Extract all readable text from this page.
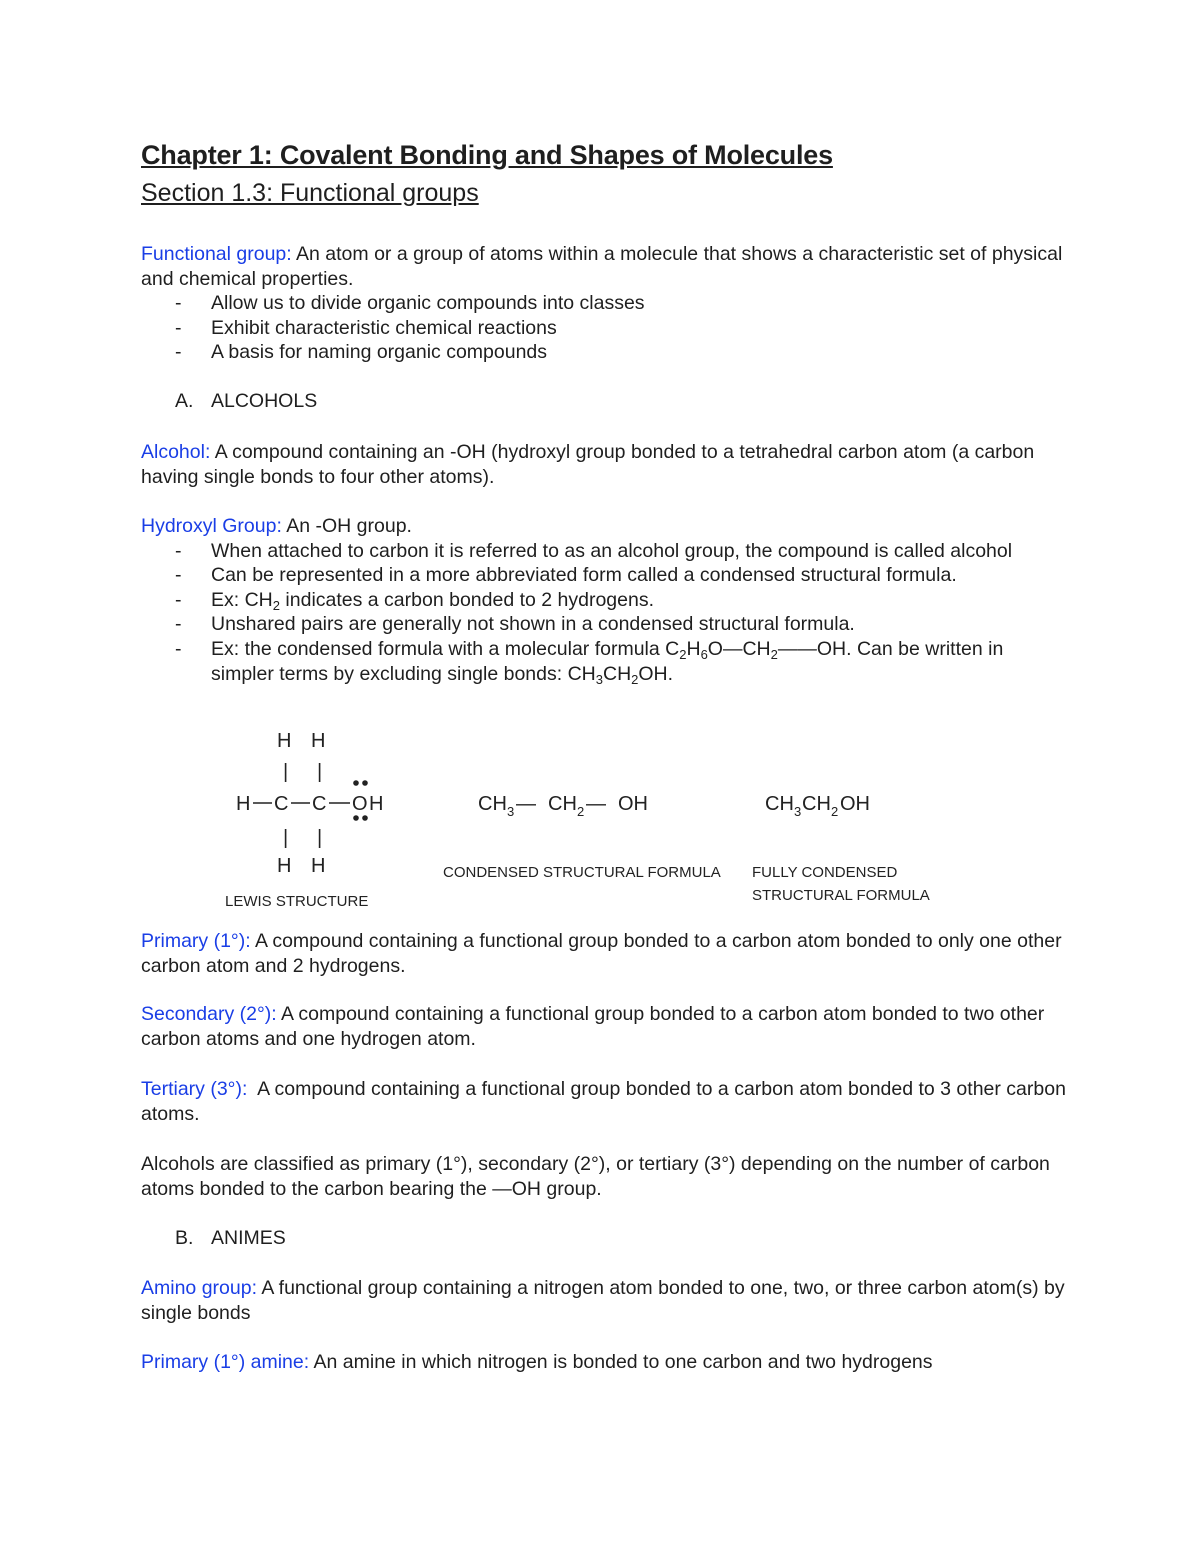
Chapter 1: Covalent Bonding and Shapes of Molecules
Section 1.3: Functional groups
Functional group: An atom or a group of atoms within a molecule that shows a characteristic set of physical and chemical properties.
- Allow us to divide organic compounds into classes
- Exhibit characteristic chemical reactions
- A basis for naming organic compounds
A. ALCOHOLS
Alcohol: A compound containing an -OH (hydroxyl group bonded to a tetrahedral carbon atom (a carbon having single bonds to four other atoms).
Hydroxyl Group: An -OH group.
- When attached to carbon it is referred to as an alcohol group, the compound is called alcohol
- Can be represented in a more abbreviated form called a condensed structural formula.
- Ex: $CH_2$ indicates a carbon bonded to 2 hydrogens.
- Unshared pairs are generally not shown in a condensed structural formula.
- Ex: the condensed formula with a molecular formula $C_2H_6O—CH_2——OH$. Can be written in simpler terms by excluding single bonds: $CH_3CH_2OH$.
H H
| |
H C C O H
| |
H H
LEWIS STRUCTURE
CH 3 — CH 2 — OH
CONDENSED STRUCTURAL FORMULA
CH 3 CH 2 OH
FULLY CONDENSED
STRUCTURAL FORMULA
Primary (1°): A compound containing a functional group bonded to a carbon atom bonded to only one other carbon atom and 2 hydrogens.
Secondary (2°): A compound containing a functional group bonded to a carbon atom bonded to two other carbon atoms and one hydrogen atom.
Tertiary (3°):  A compound containing a functional group bonded to a carbon atom bonded to 3 other carbon atoms.
Alcohols are classified as primary (1°), secondary (2°), or tertiary (3°) depending on the number of carbon atoms bonded to the carbon bearing the —OH group.
B. ANIMES
Amino group: A functional group containing a nitrogen atom bonded to one, two, or three carbon atom(s) by single bonds
Primary (1°) amine: An amine in which nitrogen is bonded to one carbon and two hydrogens
